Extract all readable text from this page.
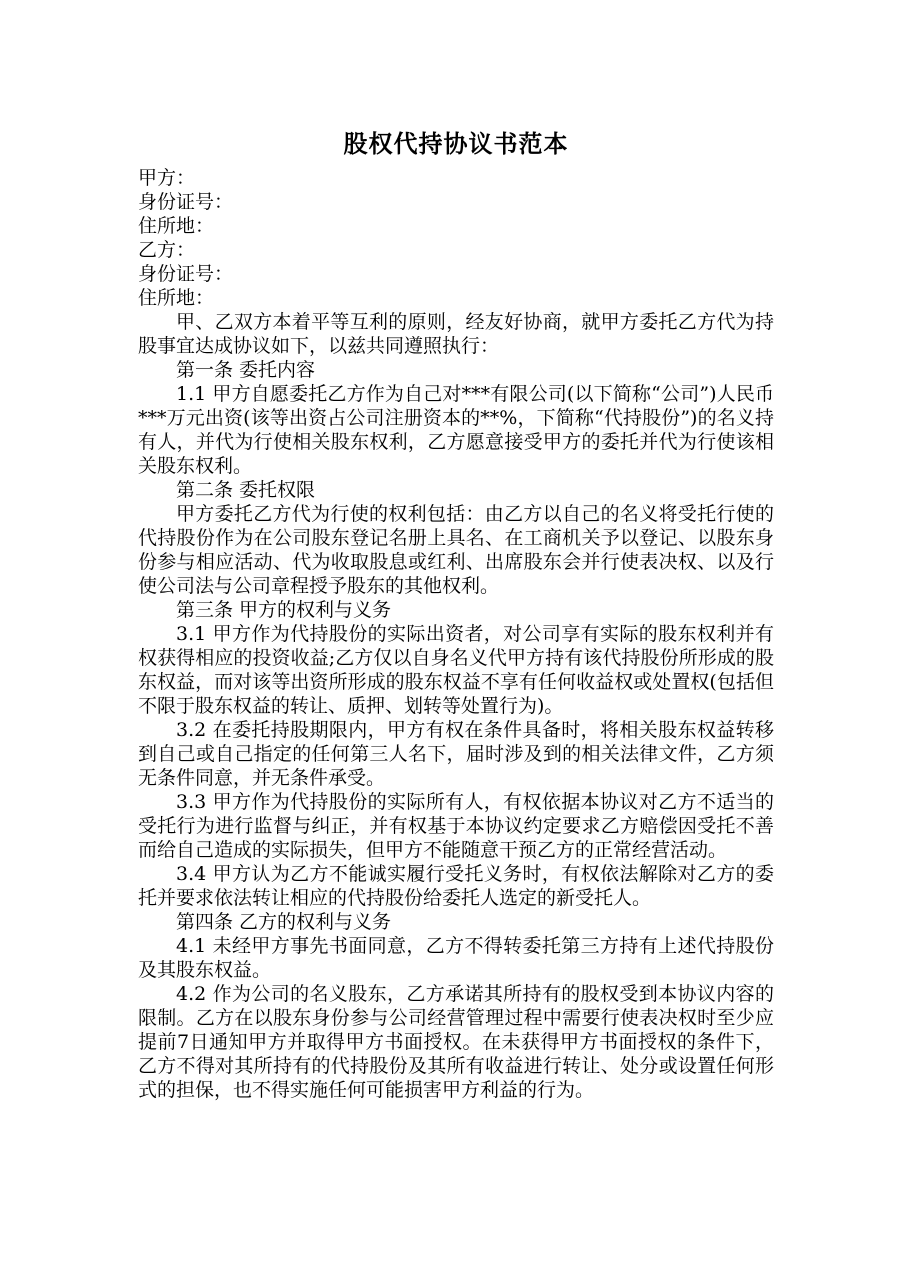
股权代持协议书范本

甲方：

身份证号：

住所地：

乙方：

身份证号：

住所地：

甲、乙双方本着平等互利的原则，经友好协商，就甲方委托乙方代为持股事宜达成协议如下，以兹共同遵照执行：

第一条 委托内容

1.1 甲方自愿委托乙方作为自己对***有限公司(以下简称“公司”)人民币***万元出资(该等出资占公司注册资本的**%，下简称“代持股份”)的名义持有人，并代为行使相关股东权利，乙方愿意接受甲方的委托并代为行使该相关股东权利。

第二条 委托权限

甲方委托乙方代为行使的权利包括：由乙方以自己的名义将受托行使的代持股份作为在公司股东登记名册上具名、在工商机关予以登记、以股东身份参与相应活动、代为收取股息或红利、出席股东会并行使表决权、以及行使公司法与公司章程授予股东的其他权利。

第三条 甲方的权利与义务

3.1 甲方作为代持股份的实际出资者，对公司享有实际的股东权利并有权获得相应的投资收益;乙方仅以自身名义代甲方持有该代持股份所形成的股东权益，而对该等出资所形成的股东权益不享有任何收益权或处置权(包括但不限于股东权益的转让、质押、划转等处置行为)。

3.2 在委托持股期限内，甲方有权在条件具备时，将相关股东权益转移到自己或自己指定的任何第三人名下，届时涉及到的相关法律文件，乙方须无条件同意，并无条件承受。

3.3 甲方作为代持股份的实际所有人，有权依据本协议对乙方不适当的受托行为进行监督与纠正，并有权基于本协议约定要求乙方赔偿因受托不善而给自己造成的实际损失，但甲方不能随意干预乙方的正常经营活动。

3.4 甲方认为乙方不能诚实履行受托义务时，有权依法解除对乙方的委托并要求依法转让相应的代持股份给委托人选定的新受托人。

第四条 乙方的权利与义务

4.1 未经甲方事先书面同意，乙方不得转委托第三方持有上述代持股份及其股东权益。

4.2 作为公司的名义股东，乙方承诺其所持有的股权受到本协议内容的限制。乙方在以股东身份参与公司经营管理过程中需要行使表决权时至少应提前7日通知甲方并取得甲方书面授权。在未获得甲方书面授权的条件下，乙方不得对其所持有的代持股份及其所有收益进行转让、处分或设置任何形式的担保，也不得实施任何可能损害甲方利益的行为。
